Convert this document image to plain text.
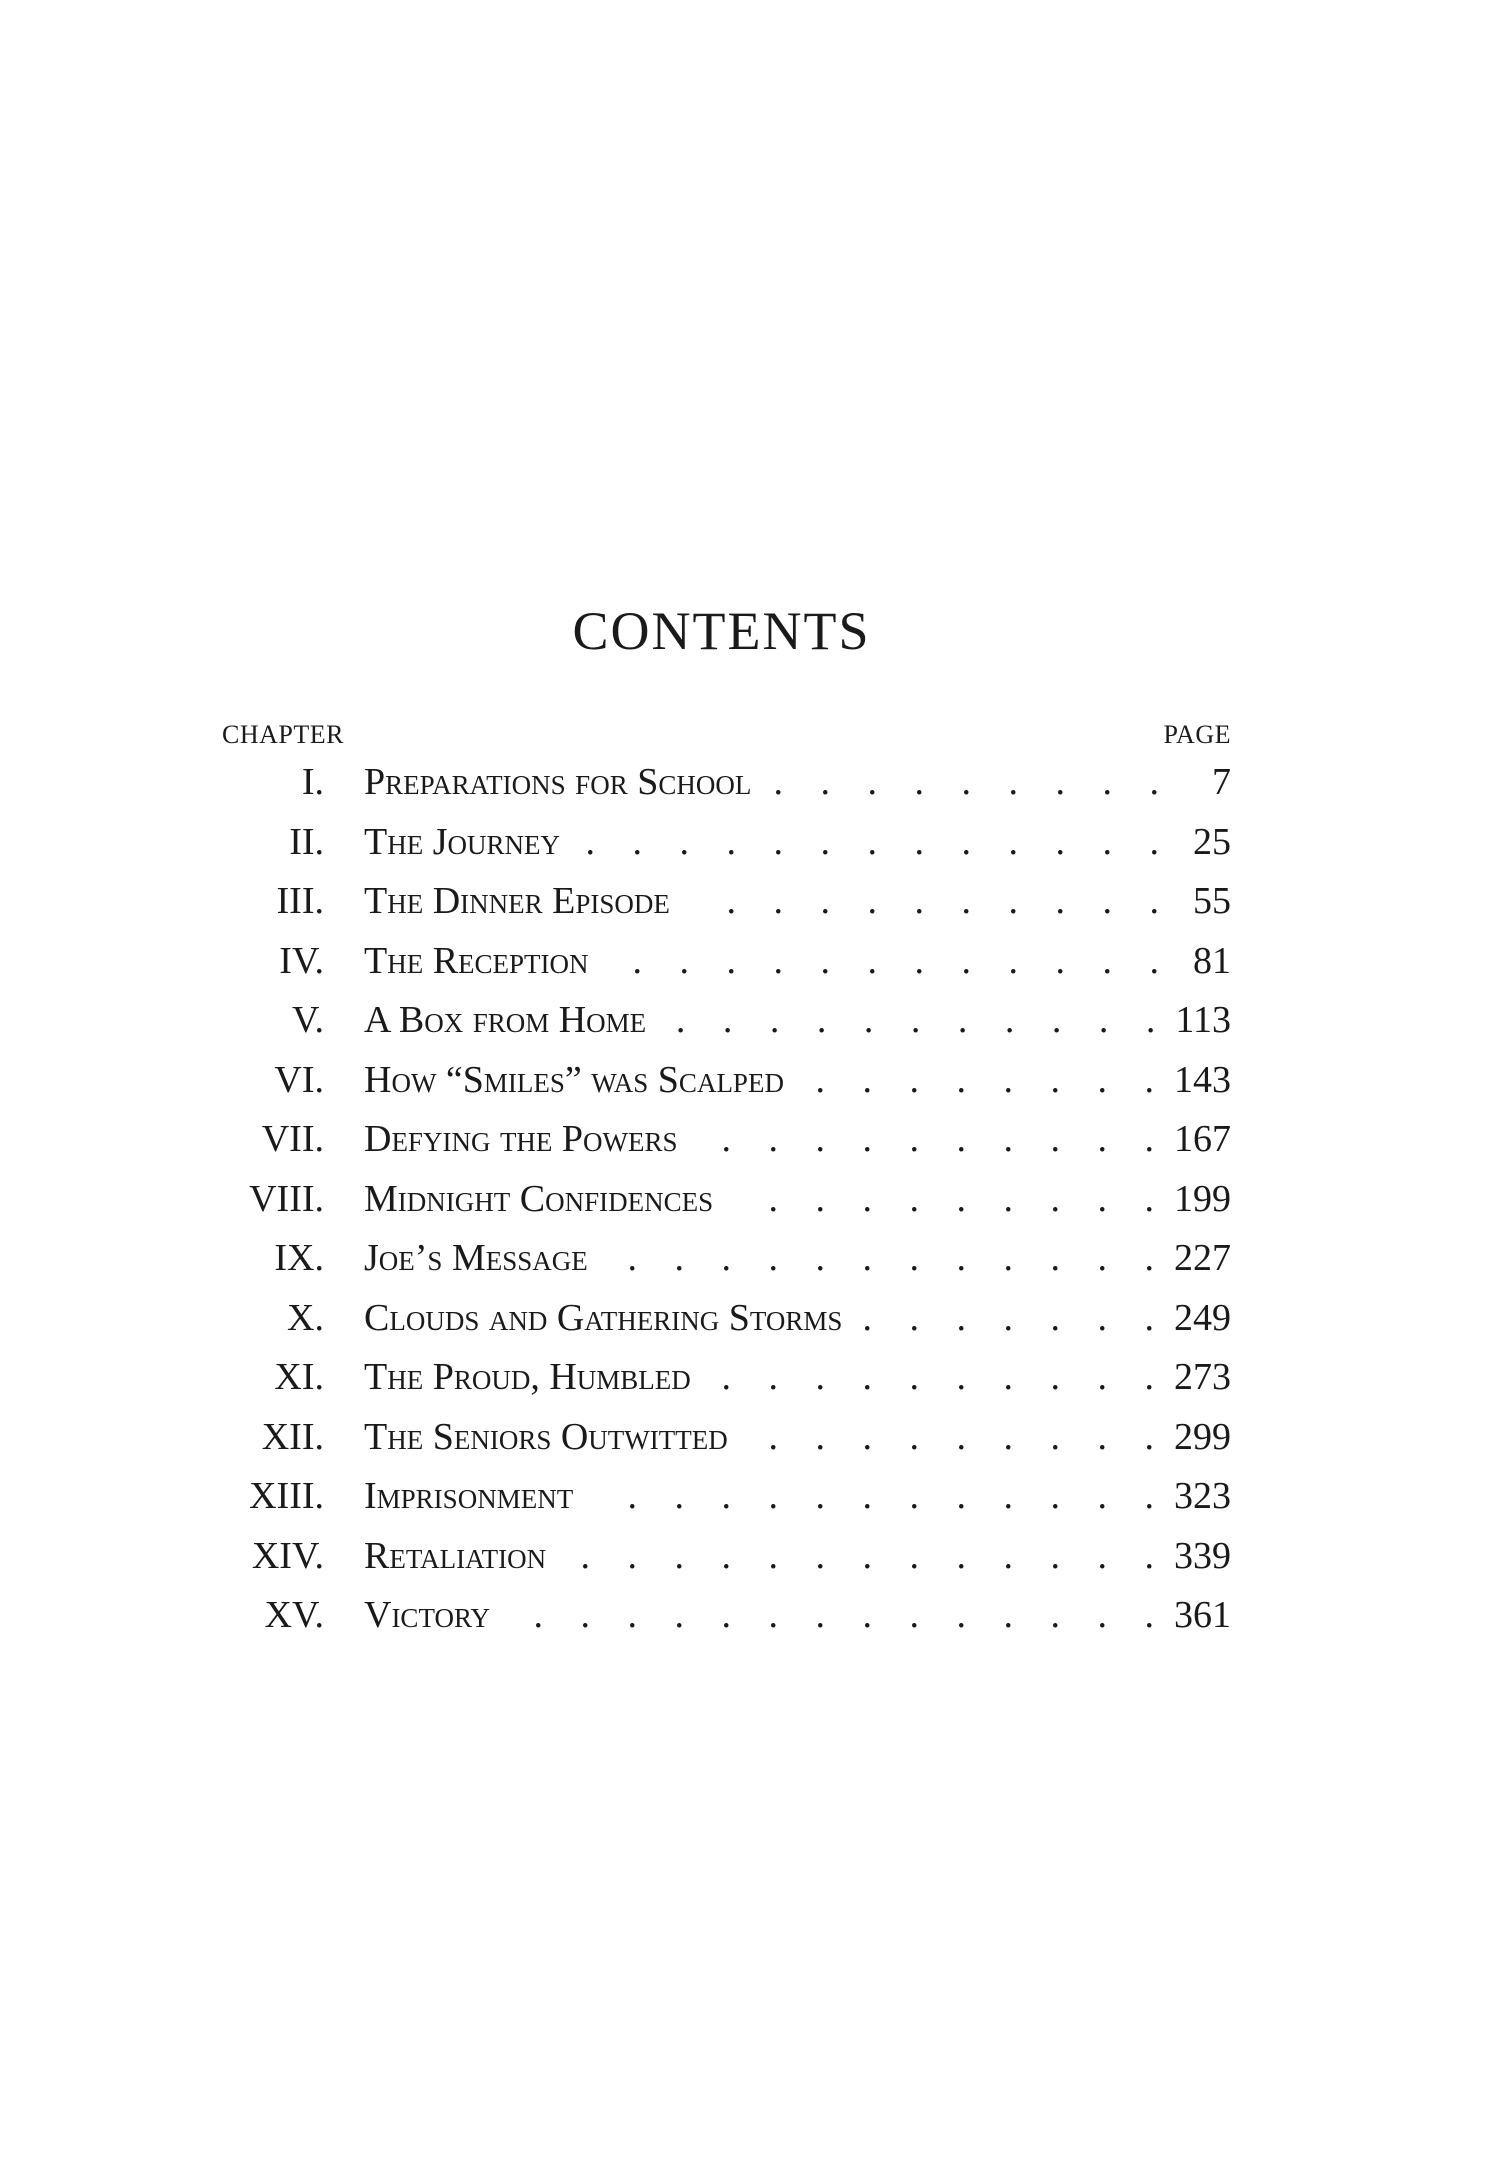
CONTENTS
CHAPTER	PAGE
I. Preparations for School . . .	7
II. The Journey . . .	25
III. The Dinner Episode . . .	55
IV. The Reception . . .	81
V. A Box from Home . . .	113
VI. How “Smiles” was Scalped . . .	143
VII. Defying the Powers . . .	167
VIII. Midnight Confidences . . .	199
IX. Joe’s Message . . .	227
X. Clouds and Gathering Storms . . .	249
XI. The Proud, Humbled . . .	273
XII. The Seniors Outwitted . . .	299
XIII. Imprisonment . . .	323
XIV. Retaliation . . .	339
XV. Victory . . .	361
